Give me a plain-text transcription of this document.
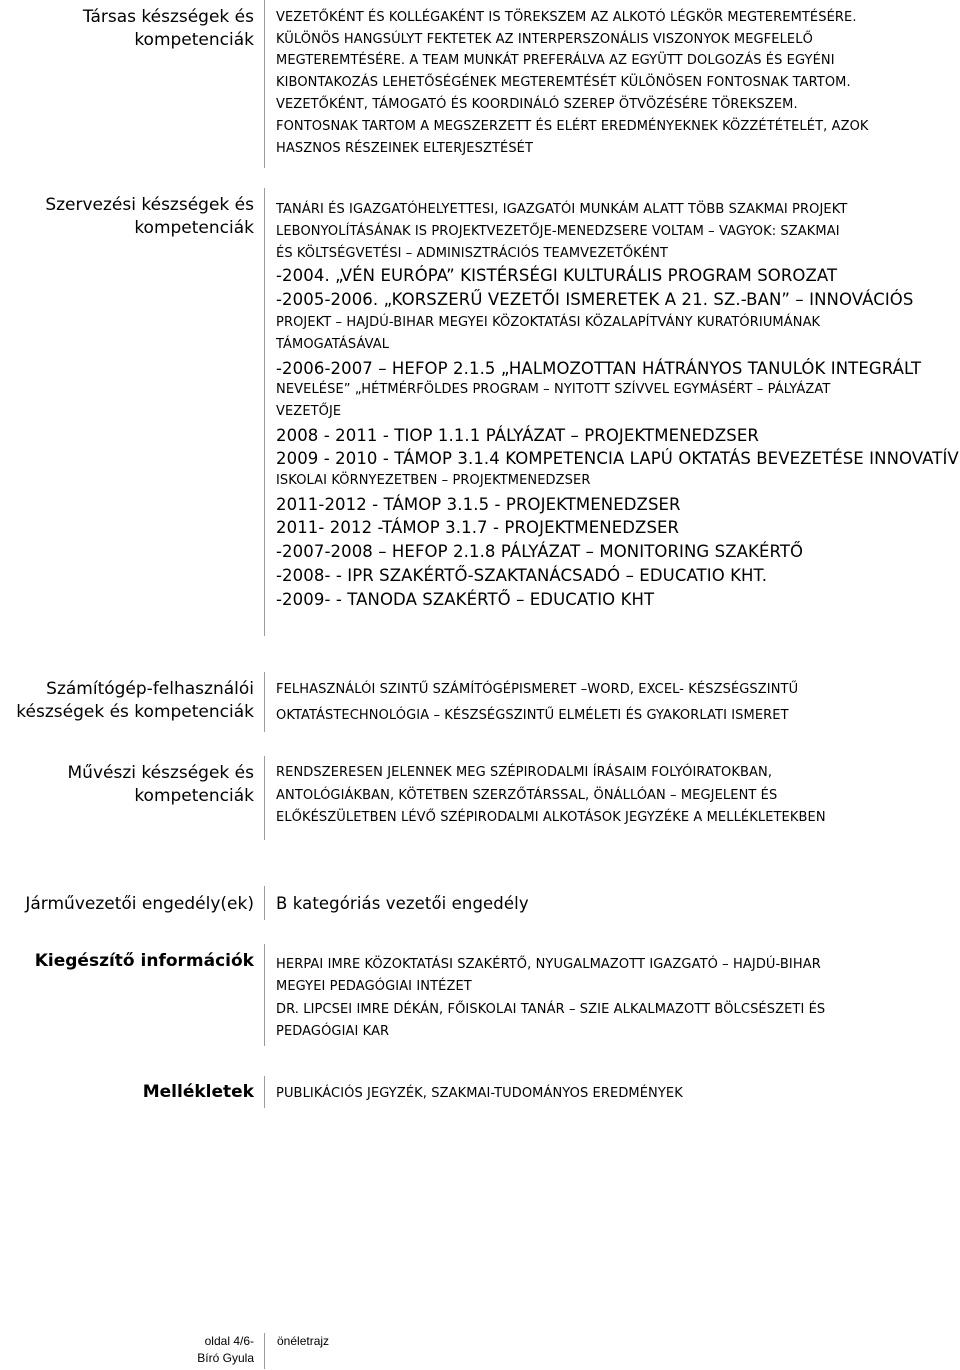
Társas készségek és kompetenciák
VEZETŐKÉNT ÉS KOLLÉGAKÉNT IS TÖREKSZEM AZ ALKOTÓ LÉGKÖR MEGTEREMTÉSÉRE.
KÜLÖNÖS HANGSÚLYT FEKTETEK AZ INTERPERSZONÁLIS VISZONYOK MEGFELELŐ
MEGTEREMTÉSÉRE. A TEAM MUNKÁT PREFERÁLVA AZ EGYÜTT DOLGOZÁS ÉS EGYÉNI
KIBONTAKOZÁS LEHETŐSÉGÉNEK MEGTEREMTÉSÉT KÜLÖNÖSEN FONTOSNAK TARTOM.
VEZETŐKÉNT, TÁMOGATÓ ÉS KOORDINÁLÓ SZEREP ÖTVÖZÉSÉRE TÖREKSZEM.
FONTOSNAK TARTOM A MEGSZERZETT ÉS ELÉRT EREDMÉNYEKNEK KÖZZÉTÉTELÉT, AZOK
HASZNOS RÉSZEINEK ELTERJESZTÉSÉT
Szervezési készségek és kompetenciák
TANÁRI ÉS IGAZGATÓHELYETTESI, IGAZGATÓI MUNKÁM ALATT TÖBB SZAKMAI PROJEKT
LEBONYOLÍTÁSÁNAK IS PROJEKTVEZETŐJE-MENEDZSERE VOLTAM – VAGYOK: SZAKMAI
ÉS KÖLTSÉGVETÉSI – ADMINISZTRÁCIÓS TEAMVEZETŐKÉNT
-2004. „VÉN EURÓPA” KISTÉRSÉGI KULTURÁLIS PROGRAM SOROZAT
-2005-2006. „KORSZERŰ VEZETŐI ISMERETEK A 21. SZ.-BAN” – INNOVÁCIÓS
PROJEKT – HAJDÚ-BIHAR MEGYEI KÖZOKTATÁSI KÖZALAPÍTVÁNY KURATÓRIUMÁNAK
TÁMOGATÁSÁVAL
-2006-2007 – HEFOP 2.1.5 „HALMOZOTTAN HÁTRÁNYOS TANULÓK INTEGRÁLT
NEVELÉSE” „HÉTMÉRFÖLDES PROGRAM – NYITOTT SZÍVVEL EGYMÁSÉRT – PÁLYÁZAT
VEZETŐJE
2008 - 2011 - TIOP 1.1.1 PÁLYÁZAT – PROJEKTMENEDZSER
2009 - 2010 - TÁMOP 3.1.4 KOMPETENCIA LAPÚ OKTATÁS BEVEZETÉSE INNOVATÍV
ISKOLAI KÖRNYEZETBEN – PROJEKTMENEDZSER
2011-2012 - TÁMOP 3.1.5 - PROJEKTMENEDZSER
2011- 2012 -TÁMOP 3.1.7 - PROJEKTMENEDZSER
-2007-2008 – HEFOP 2.1.8 PÁLYÁZAT – MONITORING SZAKÉRTŐ
-2008- - IPR SZAKÉRTŐ-SZAKTANÁCSADÓ – EDUCATIO KHT.
-2009- - TANODA SZAKÉRTŐ – EDUCATIO KHT
Számítógép-felhasználói készségek és kompetenciák
FELHASZNÁLÓI SZINTŰ SZÁMÍTÓGÉPISMERET –WORD, EXCEL- KÉSZSÉGSZINTŰ
OKTATÁSTECHNOLÓGIA – KÉSZSÉGSZINTŰ ELMÉLETI ÉS GYAKORLATI ISMERET
Művészi készségek és kompetenciák
RENDSZERESEN JELENNEK MEG SZÉPIRODALMI ÍRÁSAIM FOLYÓIRATOKBAN,
ANTOLÓGIÁKBAN, KÖTETBEN SZERZŐTÁRSSAL, ÖNÁLLÓAN – MEGJELENT ÉS
ELŐKÉSZÜLETBEN LÉVŐ SZÉPIRODALMI ALKOTÁSOK JEGYZÉKE A MELLÉKLETEKBEN
Járművezetői engedély(ek) B kategóriás vezetői engedély
Kiegészítő információk HERPAI IMRE KÖZOKTATÁSI SZAKÉRTŐ, NYUGALMAZOTT IGAZGATÓ – HAJDÚ-BIHAR
MEGYEI PEDAGÓGIAI INTÉZET
DR. LIPCSEI IMRE DÉKÁN, FŐISKOLAI TANÁR – SZIE ALKALMAZOTT BÖLCSÉSZETI ÉS
PEDAGÓGIAI KAR
Mellékletek PUBLIKÁCIÓS JEGYZÉK, SZAKMAI-TUDOMÁNYOS EREDMÉNYEK
oldal 4/6-
Bíró Gyula
önéletrajz
